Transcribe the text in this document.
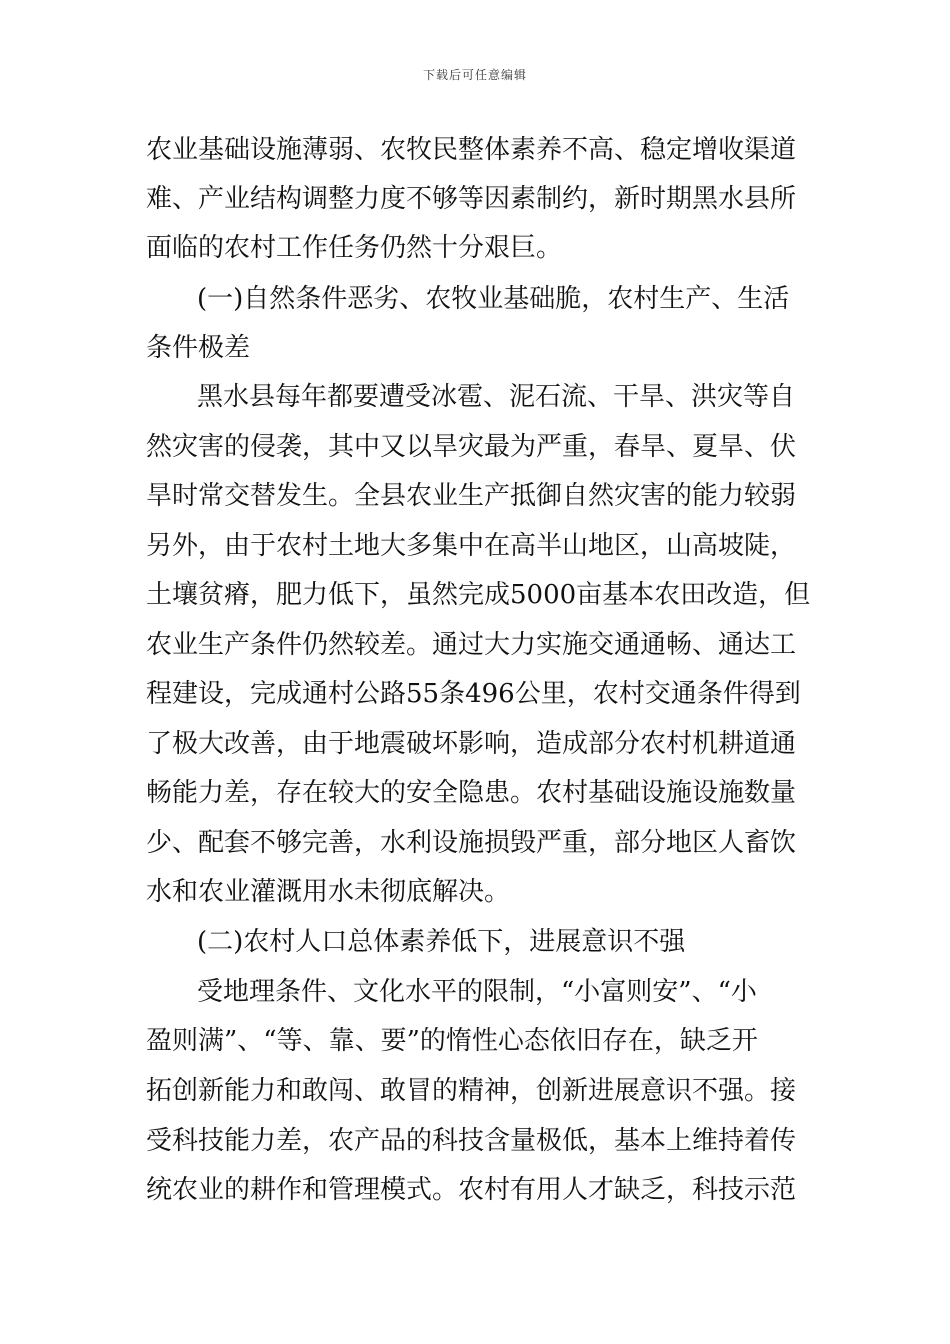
下载后可任意编辑

农业基础设施薄弱、农牧民整体素养不高、稳定增收渠道

难、产业结构调整力度不够等因素制约，新时期黑水县所

面临的农村工作任务仍然十分艰巨。

(一)自然条件恶劣、农牧业基础脆，农村生产、生活

条件极差

黑水县每年都要遭受冰雹、泥石流、干旱、洪灾等自

然灾害的侵袭，其中又以旱灾最为严重，春旱、夏旱、伏

旱时常交替发生。全县农业生产抵御自然灾害的能力较弱

另外，由于农村土地大多集中在高半山地区，山高坡陡，

土壤贫瘠，肥力低下，虽然完成5000亩基本农田改造，但

农业生产条件仍然较差。通过大力实施交通通畅、通达工

程建设，完成通村公路55条496公里，农村交通条件得到

了极大改善，由于地震破坏影响，造成部分农村机耕道通

畅能力差，存在较大的安全隐患。农村基础设施设施数量

少、配套不够完善，水利设施损毁严重，部分地区人畜饮

水和农业灌溉用水未彻底解决。

(二)农村人口总体素养低下，进展意识不强

受地理条件、文化水平的限制，“小富则安”、“小

盈则满”、“等、靠、要”的惰性心态依旧存在，缺乏开

拓创新能力和敢闯、敢冒的精神，创新进展意识不强。接

受科技能力差，农产品的科技含量极低，基本上维持着传

统农业的耕作和管理模式。农村有用人才缺乏，科技示范
